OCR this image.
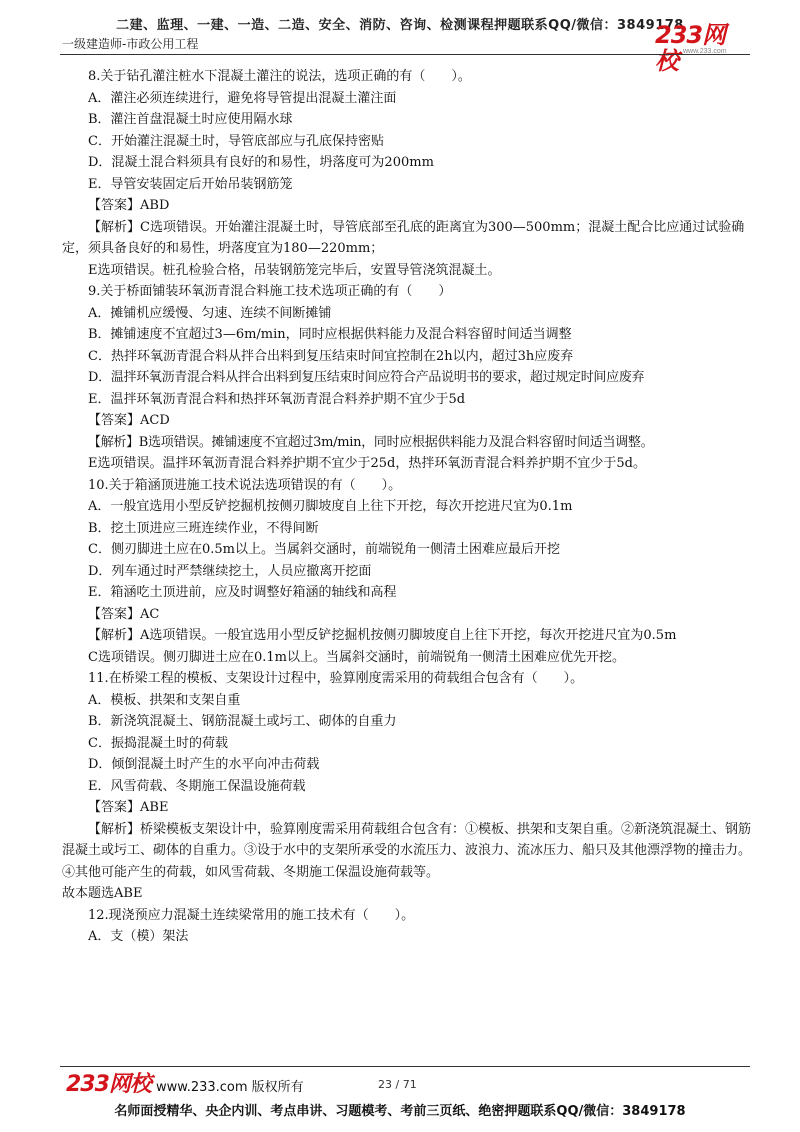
二建、监理、一建、一造、二造、安全、消防、咨询、检测课程押题联系QQ/微信：3849178
一级建造师-市政公用工程	233网校 www.233.com

8.关于钻孔灌注桩水下混凝土灌注的说法，选项正确的有（　　）。

A．灌注必须连续进行，避免将导管提出混凝土灌注面

B．灌注首盘混凝土时应使用隔水球

C．开始灌注混凝土时，导管底部应与孔底保持密贴

D．混凝土混合料须具有良好的和易性，坍落度可为200mm

E．导管安装固定后开始吊装钢筋笼

【答案】ABD

【解析】C选项错误。开始灌注混凝土时，导管底部至孔底的距离宜为300—500mm；混凝土配合比应通过试验确定，须具备良好的和易性，坍落度宜为180—220mm；

E选项错误。桩孔检验合格，吊装钢筋笼完毕后，安置导管浇筑混凝土。

9.关于桥面铺装环氧沥青混合料施工技术选项正确的有（　　）

A．摊铺机应缓慢、匀速、连续不间断摊铺

B．摊铺速度不宜超过3—6m/min，同时应根据供料能力及混合料容留时间适当调整

C．热拌环氧沥青混合料从拌合出料到复压结束时间宜控制在2h以内，超过3h应废弃

D．温拌环氧沥青混合料从拌合出料到复压结束时间应符合产品说明书的要求，超过规定时间应废弃

E．温拌环氧沥青混合料和热拌环氧沥青混合料养护期不宜少于5d

【答案】ACD

【解析】B选项错误。摊铺速度不宜超过3m/min，同时应根据供料能力及混合料容留时间适当调整。

E选项错误。温拌环氧沥青混合料养护期不宜少于25d，热拌环氧沥青混合料养护期不宜少于5d。

10.关于箱涵顶进施工技术说法选项错误的有（　　）。

A．一般宜选用小型反铲挖掘机按侧刃脚坡度自上往下开挖，每次开挖进尺宜为0.1m

B．挖土顶进应三班连续作业，不得间断

C．侧刃脚进土应在0.5m以上。当属斜交涵时，前端锐角一侧清土困难应最后开挖

D．列车通过时严禁继续挖土，人员应撤离开挖面

E．箱涵吃土顶进前，应及时调整好箱涵的轴线和高程

【答案】AC

【解析】A选项错误。一般宜选用小型反铲挖掘机按侧刃脚坡度自上往下开挖，每次开挖进尺宜为0.5m

C选项错误。侧刃脚进土应在0.1m以上。当属斜交涵时，前端锐角一侧清土困难应优先开挖。

11.在桥梁工程的模板、支架设计过程中，验算刚度需采用的荷载组合包含有（　　）。

A．模板、拱架和支架自重

B．新浇筑混凝土、钢筋混凝土或圬工、砌体的自重力

C．振捣混凝土时的荷载

D．倾倒混凝土时产生的水平向冲击荷载

E．风雪荷载、冬期施工保温设施荷载

【答案】ABE

【解析】桥梁模板支架设计中，验算刚度需采用荷载组合包含有：①模板、拱架和支架自重。②新浇筑混凝土、钢筋混凝土或圬工、砌体的自重力。③设于水中的支架所承受的水流压力、波浪力、流冰压力、船只及其他漂浮物的撞击力。④其他可能产生的荷载，如风雪荷载、冬期施工保温设施荷载等。

故本题选ABE

12.现浇预应力混凝土连续梁常用的施工技术有（　　）。

A．支（模）架法

233网校 www.233.com 版权所有	23 / 71
名师面授精华、央企内训、考点串讲、习题模考、考前三页纸、绝密押题联系QQ/微信：3849178
